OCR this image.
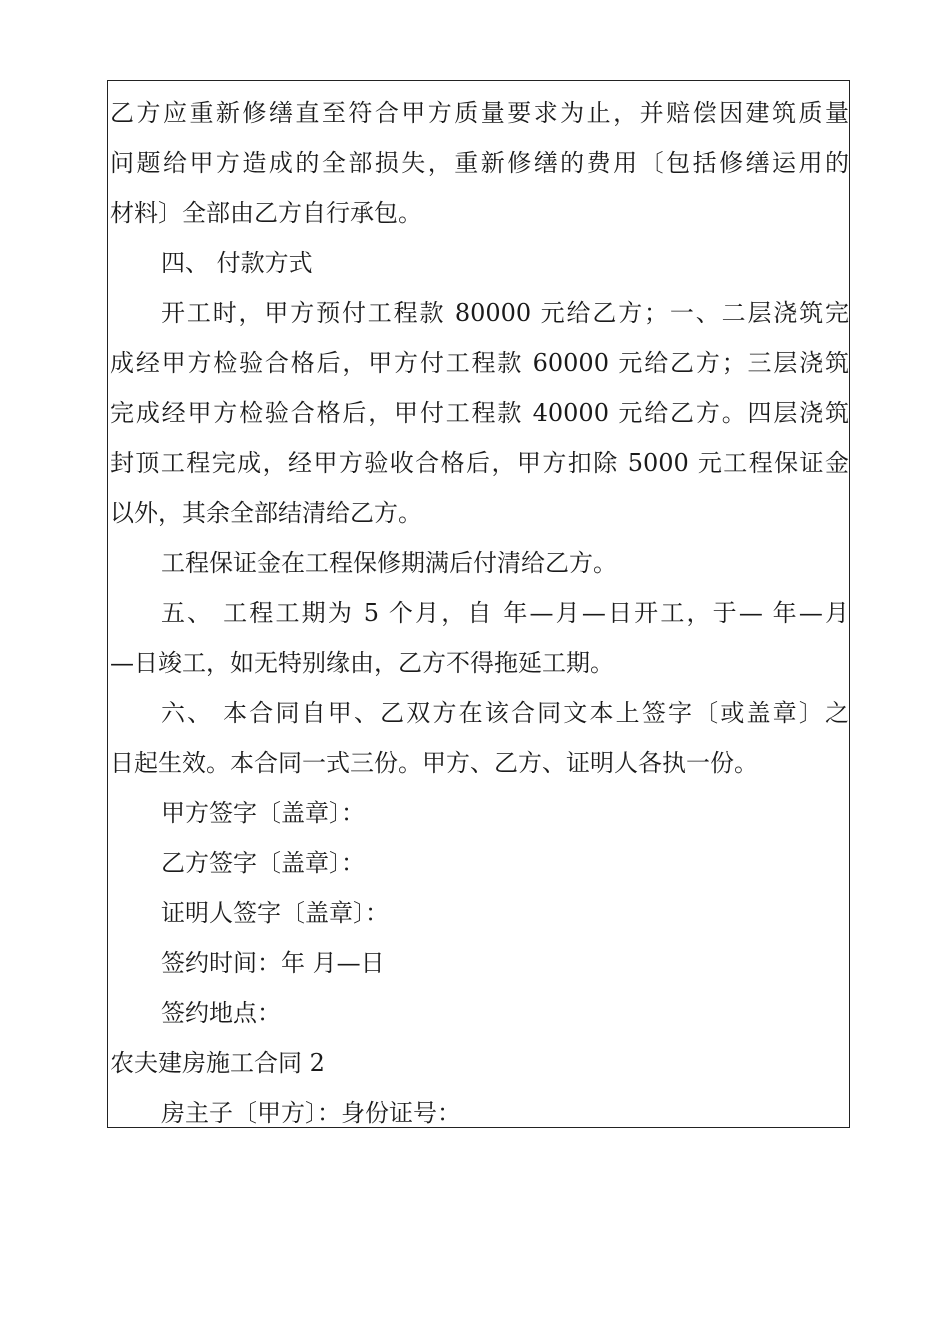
乙方应重新修缮直至符合甲方质量要求为止，并赔偿因建筑质量
问题给甲方造成的全部损失，重新修缮的费用〔包括修缮运用的
材料〕全部由乙方自行承包。
四、 付款方式
开工时，甲方预付工程款 80000 元给乙方；一、二层浇筑完
成经甲方检验合格后，甲方付工程款 60000 元给乙方；三层浇筑
完成经甲方检验合格后，甲付工程款 40000 元给乙方。四层浇筑
封顶工程完成，经甲方验收合格后，甲方扣除 5000 元工程保证金
以外，其余全部结清给乙方。
工程保证金在工程保修期满后付清给乙方。
五、 工程工期为 5 个月，自 年—月—日开工，于— 年—月
—日竣工，如无特别缘由，乙方不得拖延工期。
六、 本合同自甲、乙双方在该合同文本上签字〔或盖章〕之
日起生效。本合同一式三份。甲方、乙方、证明人各执一份。
甲方签字〔盖章〕：
乙方签字〔盖章〕：
证明人签字〔盖章〕：
签约时间：年 月—日
签约地点：
农夫建房施工合同 2
房主子〔甲方〕：身份证号：
